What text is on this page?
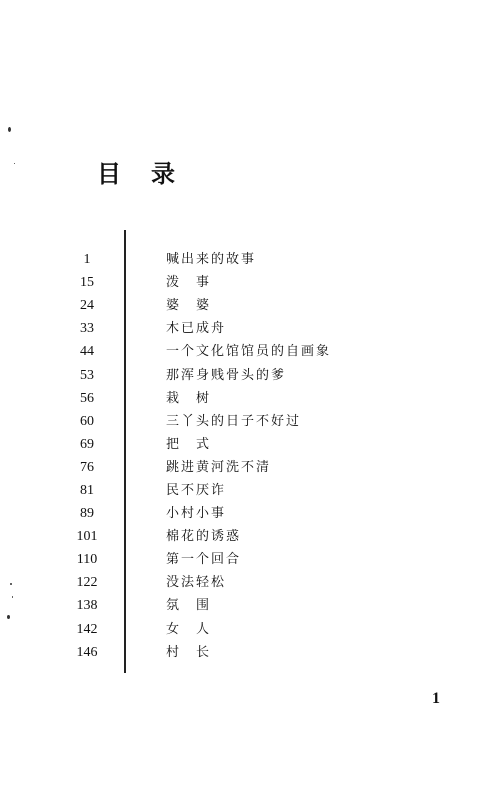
目 录
1	喊出来的故事
15	泼　事
24	婆　婆
33	木已成舟
44	一个文化馆馆员的自画象
53	那浑身贱骨头的爹
56	栽　树
60	三丫头的日子不好过
69	把　式
76	跳进黄河洗不清
81	民不厌诈
89	小村小事
101	棉花的诱惑
110	第一个回合
122	没法轻松
138	氛　围
142	女　人
146	村　长
1
